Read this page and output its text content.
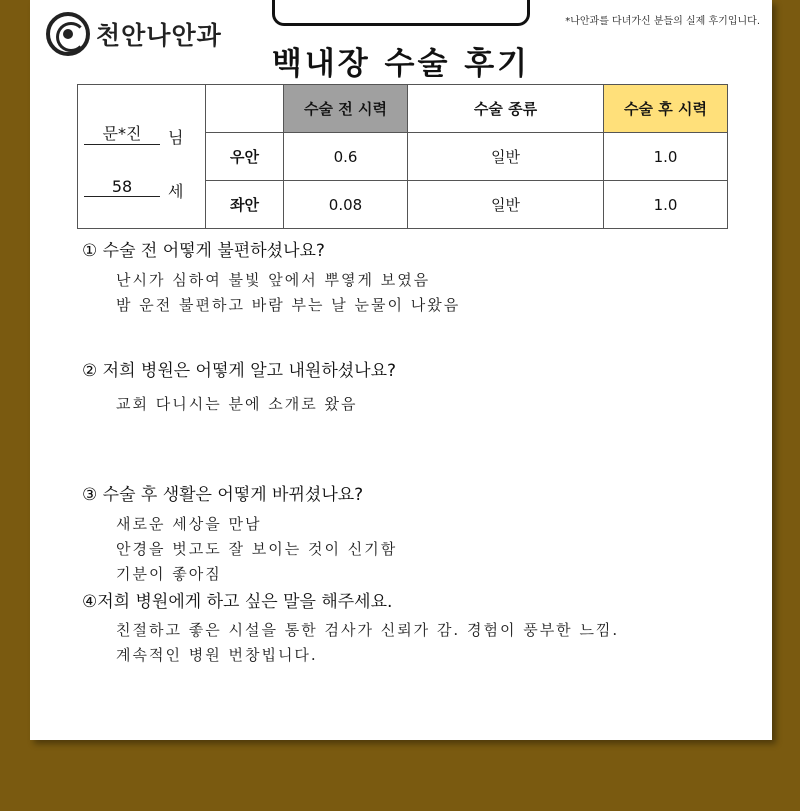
천안나안과	*나안과를 다녀가신 분들의 실제 후기입니다.
백내장 수술 후기
문*진 님
58 세		수술 전 시력	수술 종류	수술 후 시력
	우안	0.6	일반	1.0
	좌안	0.08	일반	1.0
① 수술 전 어떻게 불편하셨나요?
난시가 심하여 불빛 앞에서 뿌옇게 보였음
밤 운전 불편하고 바람 부는 날 눈물이 나왔음
② 저희 병원은 어떻게 알고 내원하셨나요?
교회 다니시는 분에 소개로 왔음
③ 수술 후 생활은 어떻게 바뀌셨나요?
새로운 세상을 만남
안경을 벗고도 잘 보이는 것이 신기함
기분이 좋아짐
④저희 병원에게 하고 싶은 말을 해주세요.
친절하고 좋은 시설을 통한 검사가 신뢰가 감. 경험이 풍부한 느낌.
계속적인 병원 번창빕니다.
